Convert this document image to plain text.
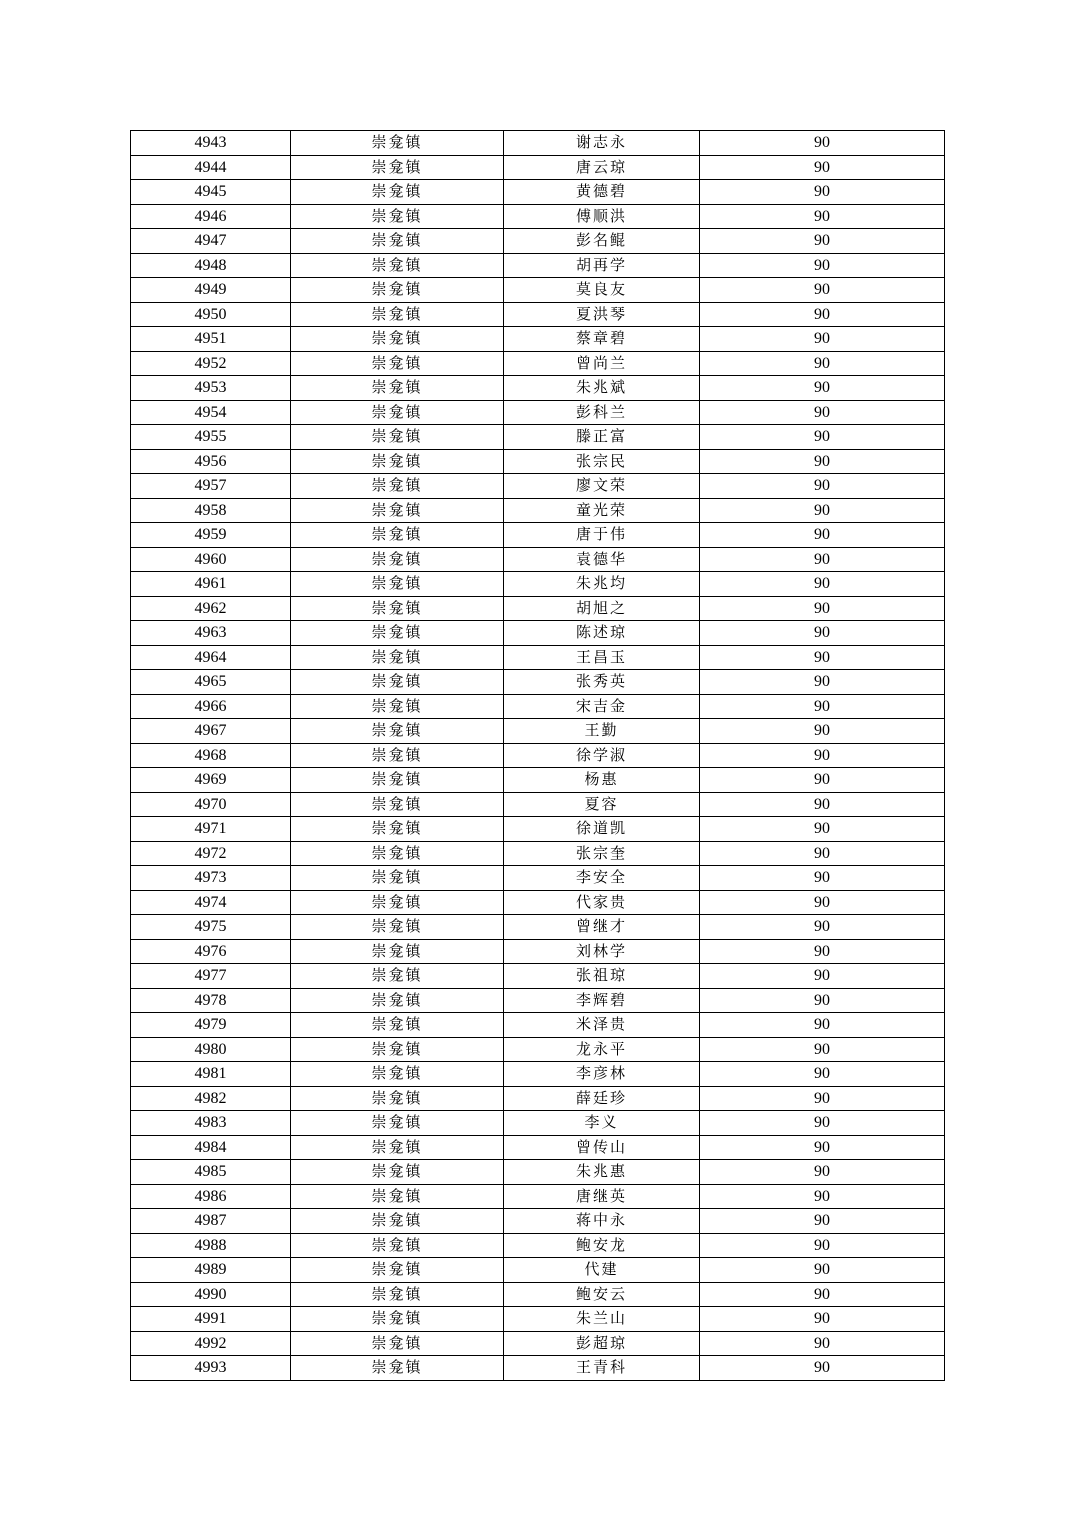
4943	崇龛镇	谢志永	90
4944	崇龛镇	唐云琼	90
4945	崇龛镇	黄德碧	90
4946	崇龛镇	傅顺洪	90
4947	崇龛镇	彭名鲲	90
4948	崇龛镇	胡再学	90
4949	崇龛镇	莫良友	90
4950	崇龛镇	夏洪琴	90
4951	崇龛镇	蔡章碧	90
4952	崇龛镇	曾尚兰	90
4953	崇龛镇	朱兆斌	90
4954	崇龛镇	彭科兰	90
4955	崇龛镇	滕正富	90
4956	崇龛镇	张宗民	90
4957	崇龛镇	廖文荣	90
4958	崇龛镇	童光荣	90
4959	崇龛镇	唐于伟	90
4960	崇龛镇	袁德华	90
4961	崇龛镇	朱兆均	90
4962	崇龛镇	胡旭之	90
4963	崇龛镇	陈述琼	90
4964	崇龛镇	王昌玉	90
4965	崇龛镇	张秀英	90
4966	崇龛镇	宋吉金	90
4967	崇龛镇	王勤	90
4968	崇龛镇	徐学淑	90
4969	崇龛镇	杨惠	90
4970	崇龛镇	夏容	90
4971	崇龛镇	徐道凯	90
4972	崇龛镇	张宗奎	90
4973	崇龛镇	李安全	90
4974	崇龛镇	代家贵	90
4975	崇龛镇	曾继才	90
4976	崇龛镇	刘林学	90
4977	崇龛镇	张祖琼	90
4978	崇龛镇	李辉碧	90
4979	崇龛镇	米泽贵	90
4980	崇龛镇	龙永平	90
4981	崇龛镇	李彦林	90
4982	崇龛镇	薛廷珍	90
4983	崇龛镇	李义	90
4984	崇龛镇	曾传山	90
4985	崇龛镇	朱兆惠	90
4986	崇龛镇	唐继英	90
4987	崇龛镇	蒋中永	90
4988	崇龛镇	鲍安龙	90
4989	崇龛镇	代建	90
4990	崇龛镇	鲍安云	90
4991	崇龛镇	朱兰山	90
4992	崇龛镇	彭超琼	90
4993	崇龛镇	王青科	90
